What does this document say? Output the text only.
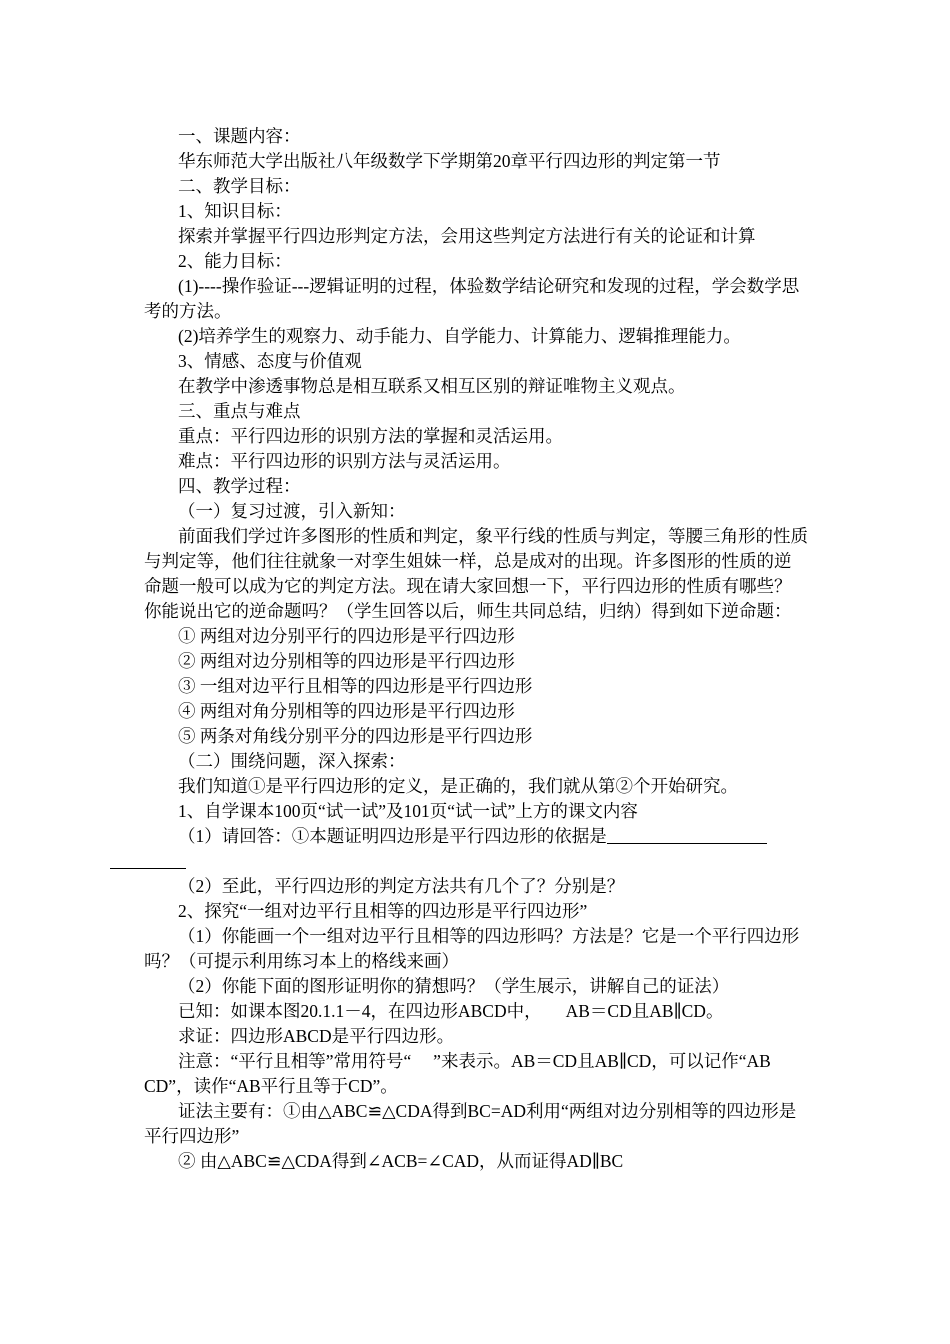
一、课题内容：
华东师范大学出版社八年级数学下学期第20章平行四边形的判定第一节
二、教学目标：
1、知识目标：
探索并掌握平行四边形判定方法，会用这些判定方法进行有关的论证和计算
2、能力目标：
(1)----操作验证---逻辑证明的过程，体验数学结论研究和发现的过程，学会数学思考的方法。
(2)培养学生的观察力、动手能力、自学能力、计算能力、逻辑推理能力。
3、情感、态度与价值观
在教学中渗透事物总是相互联系又相互区别的辩证唯物主义观点。
三、重点与难点
重点：平行四边形的识别方法的掌握和灵活运用。
难点：平行四边形的识别方法与灵活运用。
四、教学过程：
（一）复习过渡，引入新知：
前面我们学过许多图形的性质和判定，象平行线的性质与判定，等腰三角形的性质与判定等，他们往往就象一对孪生姐妹一样，总是成对的出现。许多图形的性质的逆命题一般可以成为它的判定方法。现在请大家回想一下，平行四边形的性质有哪些？你能说出它的逆命题吗？（学生回答以后，师生共同总结，归纳）得到如下逆命题：
① 两组对边分别平行的四边形是平行四边形
② 两组对边分别相等的四边形是平行四边形
③ 一组对边平行且相等的四边形是平行四边形
④ 两组对角分别相等的四边形是平行四边形
⑤ 两条对角线分别平分的四边形是平行四边形
（二）围绕问题，深入探索：
我们知道①是平行四边形的定义，是正确的，我们就从第②个开始研究。
1、自学课本100页“试一试”及101页“试一试”上方的课文内容
（1）请回答：①本题证明四边形是平行四边形的依据是

（2）至此，平行四边形的判定方法共有几个了？分别是？
2、探究“一组对边平行且相等的四边形是平行四边形”
（1）你能画一个一组对边平行且相等的四边形吗？方法是？它是一个平行四边形吗？（可提示利用练习本上的格线来画）
（2）你能下面的图形证明你的猜想吗？（学生展示，讲解自己的证法）
已知：如课本图20.1.1－4，在四边形ABCD中， AB＝CD且AB∥CD。
求证：四边形ABCD是平行四边形。
注意：“平行且相等”常用符号“　 ”来表示。AB＝CD且AB∥CD，可以记作“AB CD”，读作“AB平行且等于CD”。
证法主要有：①由△ABC≌△CDA得到BC=AD利用“两组对边分别相等的四边形是平行四边形”
② 由△ABC≌△CDA得到∠ACB=∠CAD，从而证得AD∥BC
